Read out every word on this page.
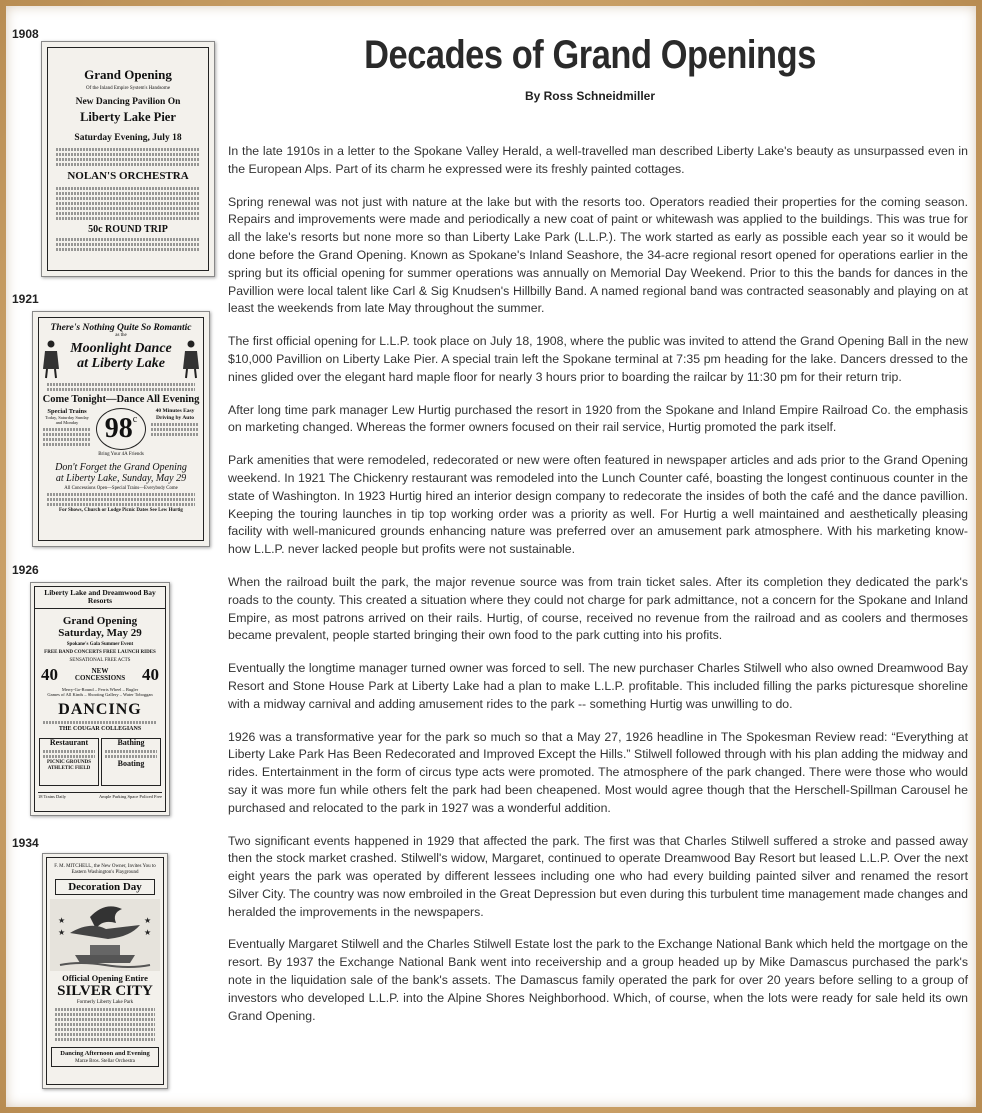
1908
1921
1926
1934
Grand Opening
Of the Inland Empire System's Handsome
New Dancing Pavilion On
Liberty Lake Pier
Saturday Evening, July 18
NOLAN'S ORCHESTRA
50c ROUND TRIP
There's Nothing Quite So Romantic
as the
Moonlight Dance
at Liberty Lake
Come Tonight—Dance All Evening
Special Trains
Today, Saturday Sunday and Monday 98$^c$
40 Minutes Easy Driving by Auto
Bring Your 4A Friends
Don't Forget the Grand Opening
at Liberty Lake, Sunday, May 29
All Concessions Open—Special Trains—Everybody Come
For Shows, Church or Lodge Picnic Dates See Lew Hurtig
Liberty Lake and Dreamwood Bay Resorts
Grand Opening
Saturday, May 29
Spokane's Gala Summer Event
FREE BAND CONCERTS FREE LAUNCH RIDES
SENSATIONAL FREE ACTS
40	NEW CONCESSIONS 40
Merry-Go-Round – Ferris Wheel – Bugler
Games of All Kinds – Shooting Gallery – Water Toboggan
DANCING
THE COUGAR COLLEGIANS
Restaurant
PICNIC GROUNDS
ATHLETIC FIELD
Bathing
Boating
18 Trains Daily	Ample Parking Space Policed Free
F. M. MITCHELL, the New Owner, Invites You to Eastern Washington's Playground
Decoration Day
★
★
★
★
Official Opening Entire
SILVER CITY
Formerly Liberty Lake Park
Dancing Afternoon and Evening
Marze Bros. Stellar Orchestra
Decades of Grand Openings
By Ross Schneidmiller

In the late 1910s in a letter to the Spokane Valley Herald, a well-travelled man described Liberty Lake's beauty as unsurpassed even in the European Alps. Part of its charm he expressed were its freshly painted cottages.

Spring renewal was not just with nature at the lake but with the resorts too. Operators readied their properties for the coming season. Repairs and improvements were made and periodically a new coat of paint or whitewash was applied to the buildings. This was true for all the lake's resorts but none more so than Liberty Lake Park (L.L.P.). The work started as early as possible each year so it would be done before the Grand Opening. Known as Spokane's Inland Seashore, the 34-acre regional resort opened for operations earlier in the spring but its official opening for summer operations was annually on Memorial Day Weekend. Prior to this the bands for dances in the Pavillion were local talent like Carl & Sig Knudsen's Hillbilly Band. A named regional band was contracted seasonably and playing on at least the weekends from late May throughout the summer.

The first official opening for L.L.P. took place on July 18, 1908, where the public was invited to attend the Grand Opening Ball in the new $10,000 Pavillion on Liberty Lake Pier. A special train left the Spokane terminal at 7:35 pm heading for the lake. Dancers dressed to the nines glided over the elegant hard maple floor for nearly 3 hours prior to boarding the railcar by 11:30 pm for their return trip.

After long time park manager Lew Hurtig purchased the resort in 1920 from the Spokane and Inland Empire Railroad Co. the emphasis on marketing changed. Whereas the former owners focused on their rail service, Hurtig promoted the park itself.

Park amenities that were remodeled, redecorated or new were often featured in newspaper articles and ads prior to the Grand Opening weekend. In 1921 The Chickenry restaurant was remodeled into the Lunch Counter café, boasting the longest continuous counter in the state of Washington. In 1923 Hurtig hired an interior design company to redecorate the insides of both the café and the dance pavillion. Keeping the touring launches in tip top working order was a priority as well. For Hurtig a well maintained and aesthetically pleasing facility with well-manicured grounds enhancing nature was preferred over an amusement park atmosphere. With his marketing know-how L.L.P. never lacked people but profits were not sustainable.

When the railroad built the park, the major revenue source was from train ticket sales. After its completion they dedicated the park's roads to the county. This created a situation where they could not charge for park admittance, not a concern for the Spokane and Inland Empire, as most patrons arrived on their rails. Hurtig, of course, received no revenue from the railroad and as coolers and thermoses became prevalent, people started bringing their own food to the park cutting into his profits.

Eventually the longtime manager turned owner was forced to sell. The new purchaser Charles Stilwell who also owned Dreamwood Bay Resort and Stone House Park at Liberty Lake had a plan to make L.L.P. profitable. This included filling the parks picturesque shoreline with a midway carnival and adding amusement rides to the park -- something Hurtig was unwilling to do.

1926 was a transformative year for the park so much so that a May 27, 1926 headline in The Spokesman Review read: “Everything at Liberty Lake Park Has Been Redecorated and Improved Except the Hills.” Stilwell followed through with his plan adding the midway and rides. Entertainment in the form of circus type acts were promoted. The atmosphere of the park changed. There were those who would say it was more fun while others felt the park had been cheapened. Most would agree though that the Herschell-Spillman Carousel he purchased and relocated to the park in 1927 was a wonderful addition.

Two significant events happened in 1929 that affected the park. The first was that Charles Stilwell suffered a stroke and passed away then the stock market crashed. Stilwell's widow, Margaret, continued to operate Dreamwood Bay Resort but leased L.L.P. Over the next eight years the park was operated by different lessees including one who had every building painted silver and renamed the resort Silver City. The country was now embroiled in the Great Depression but even during this turbulent time management made changes and heralded the improvements in the newspapers.

Eventually Margaret Stilwell and the Charles Stilwell Estate lost the park to the Exchange National Bank which held the mortgage on the resort. By 1937 the Exchange National Bank went into receivership and a group headed up by Mike Damascus purchased the park's note in the liquidation sale of the bank's assets. The Damascus family operated the park for over 20 years before selling to a group of investors who developed L.L.P. into the Alpine Shores Neighborhood. Which, of course, when the lots were ready for sale held its own Grand Opening.
